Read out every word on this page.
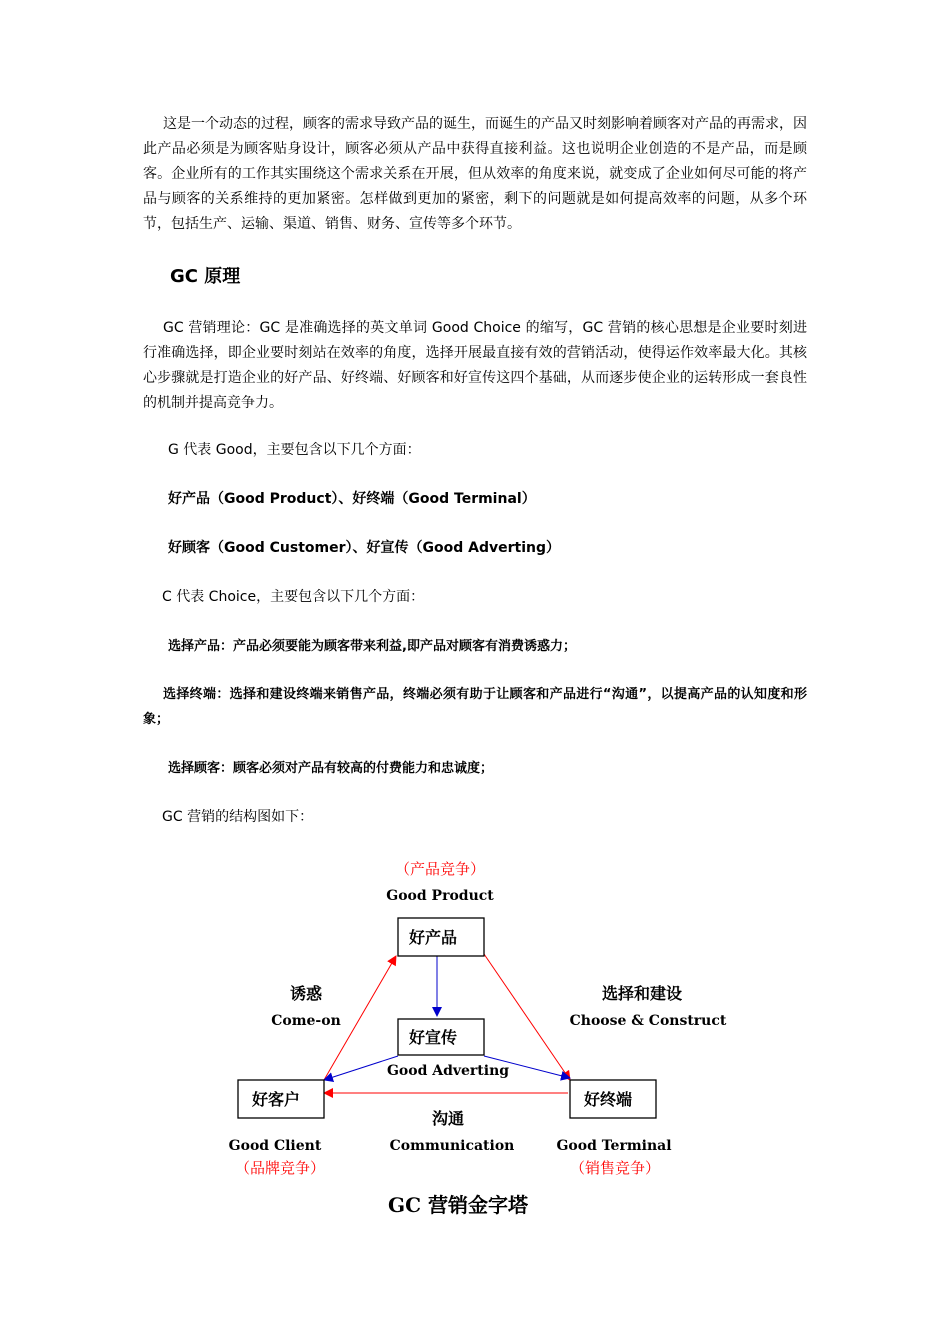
这是一个动态的过程，顾客的需求导致产品的诞生，而诞生的产品又时刻影响着顾客对产品的再需求，因此产品必须是为顾客贴身设计，顾客必须从产品中获得直接利益。这也说明企业创造的不是产品，而是顾客。企业所有的工作其实围绕这个需求关系在开展，但从效率的角度来说，就变成了企业如何尽可能的将产品与顾客的关系维持的更加紧密。怎样做到更加的紧密，剩下的问题就是如何提高效率的问题，从多个环节，包括生产、运输、渠道、销售、财务、宣传等多个环节。

GC 原理

GC 营销理论：GC 是准确选择的英文单词 Good Choice 的缩写，GC 营销的核心思想是企业要时刻进行准确选择，即企业要时刻站在效率的角度，选择开展最直接有效的营销活动，使得运作效率最大化。其核心步骤就是打造企业的好产品、好终端、好顾客和好宣传这四个基础，从而逐步使企业的运转形成一套良性的机制并提高竞争力。

G 代表 Good，主要包含以下几个方面：

好产品（Good Product）、好终端（Good Terminal）

好顾客（Good Customer）、好宣传（Good Adverting）

C 代表 Choice，主要包含以下几个方面：

选择产品：产品必须要能为顾客带来利益,即产品对顾客有消费诱惑力；

选择终端：选择和建设终端来销售产品，终端必须有助于让顾客和产品进行“沟通”，以提高产品的认知度和形象；

选择顾客：顾客必须对产品有较高的付费能力和忠诚度；

GC 营销的结构图如下：

好产品
好宣传
好客户	好终端
（产品竞争）
Good Product
诱惑
Come-on
选择和建设
Choose & Construct
Good Adverting
沟通
Communication
Good Client
（品牌竞争）
Good Terminal
（销售竞争）
GC 营销金字塔
